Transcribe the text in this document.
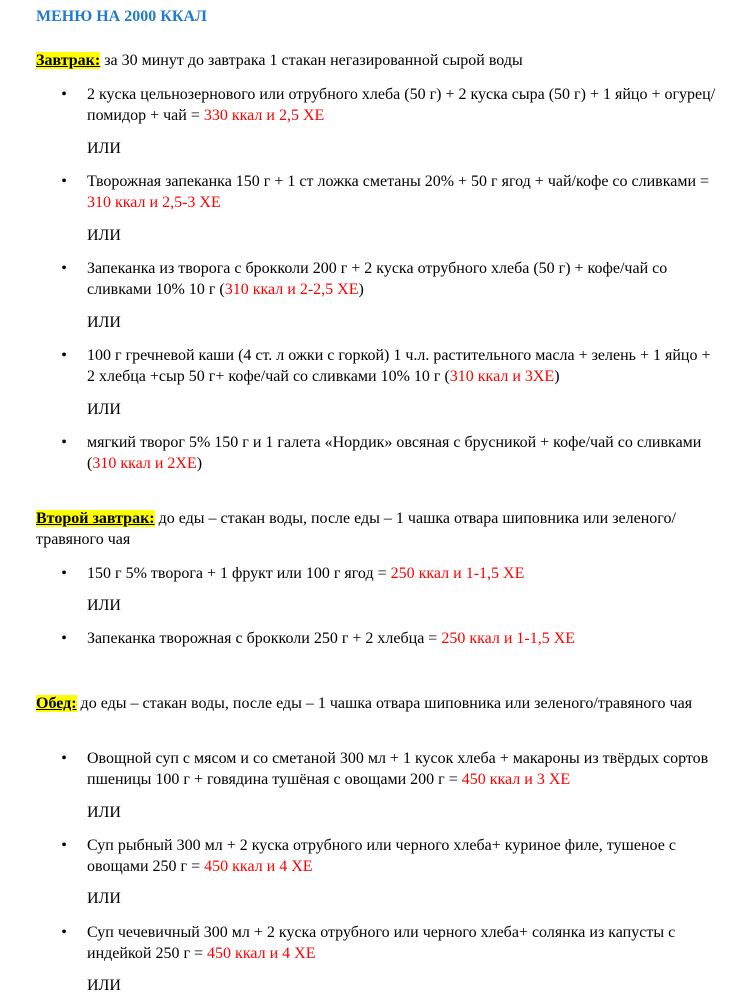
МЕНЮ НА 2000 ККАЛ

Завтрак: за 30 минут до завтрака 1 стакан негазированной сырой воды

• 2 куска цельнозернового или отрубного хлеба (50 г) + 2 куска сыра (50 г) + 1 яйцо + огурец/помидор + чай = 330 ккал и 2,5 ХЕ

ИЛИ

• Творожная запеканка 150 г + 1 ст ложка сметаны 20% + 50 г ягод + чай/кофе со сливками = 310 ккал и 2,5-3 ХЕ

ИЛИ

• Запеканка из творога с брокколи 200 г + 2 куска отрубного хлеба (50 г) + кофе/чай со сливками 10% 10 г (310 ккал и 2-2,5 ХЕ)

ИЛИ

• 100 г гречневой каши (4 ст. л ожки с горкой) 1 ч.л. растительного масла + зелень + 1 яйцо + 2 хлебца +сыр 50 г+ кофе/чай со сливками 10% 10 г (310 ккал и 3ХЕ)

ИЛИ

• мягкий творог 5% 150 г и 1 галета «Нордик» овсяная с брусникой + кофе/чай со сливками (310 ккал и 2ХЕ)

Второй завтрак: до еды – стакан воды, после еды – 1 чашка отвара шиповника или зеленого/травяного чая

• 150 г 5% творога + 1 фрукт или 100 г ягод = 250 ккал и 1-1,5 ХЕ

ИЛИ

• Запеканка творожная с брокколи 250 г + 2 хлебца = 250 ккал и 1-1,5 ХЕ

Обед: до еды – стакан воды, после еды – 1 чашка отвара шиповника или зеленого/травяного чая

• Овощной суп с мясом и со сметаной 300 мл + 1 кусок хлеба + макароны из твёрдых сортов пшеницы 100 г + говядина тушёная с овощами 200 г = 450 ккал и 3 ХЕ

ИЛИ

• Суп рыбный 300 мл + 2 куска отрубного или черного хлеба+ куриное филе, тушеное с овощами 250 г = 450 ккал и 4 ХЕ

ИЛИ

• Суп чечевичный 300 мл + 2 куска отрубного или черного хлеба+ солянка из капусты с индейкой 250 г = 450 ккал и 4 ХЕ

ИЛИ
